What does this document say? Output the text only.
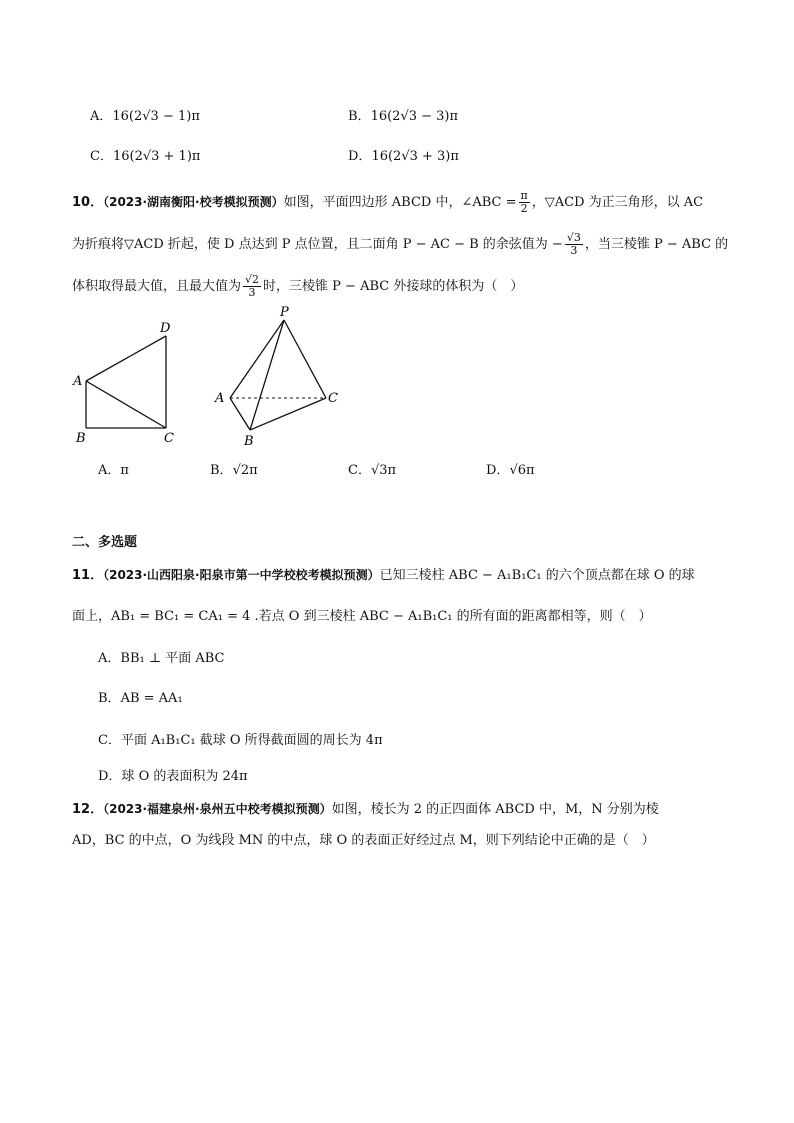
A．16(2√3 − 1)π	B．16(2√3 − 3)π
C．16(2√3 + 1)π	D．16(2√3 + 3)π
10．（2023·湖南衡阳·校考模拟预测）如图，平面四边形 ABCD 中，∠ABC = $\frac{\pi}{2}$ ，▽ACD 为正三角形，以 AC
为折痕将▽ACD 折起，使 D 点达到 P 点位置，且二面角 P − AC − B 的余弦值为 − $\frac{√3}{3}$ ，当三棱锥 P − ABC 的
体积取得最大值，且最大值为 $\frac{√2}{3}$ 时，三棱锥 P − ABC 外接球的体积为（　）
D
A
B	C
P
A	C
B
A．π	B．√2π	C．√3π	D．√6π
二、多选题
11．（2023·山西阳泉·阳泉市第一中学校校考模拟预测）已知三棱柱 ABC − A₁B₁C₁ 的六个顶点都在球 O 的球
面上，AB₁ = BC₁ = CA₁ = 4 .若点 O 到三棱柱 ABC − A₁B₁C₁ 的所有面的距离都相等，则（　）
A．BB₁ ⊥ 平面 ABC
B．AB = AA₁
C．平面 A₁B₁C₁ 截球 O 所得截面圆的周长为 4π
D．球 O 的表面积为 24π
12．（2023·福建泉州·泉州五中校考模拟预测）如图，棱长为 2 的正四面体 ABCD 中，M，N 分别为棱
AD，BC 的中点，O 为线段 MN 的中点，球 O 的表面正好经过点 M，则下列结论中正确的是（　）
